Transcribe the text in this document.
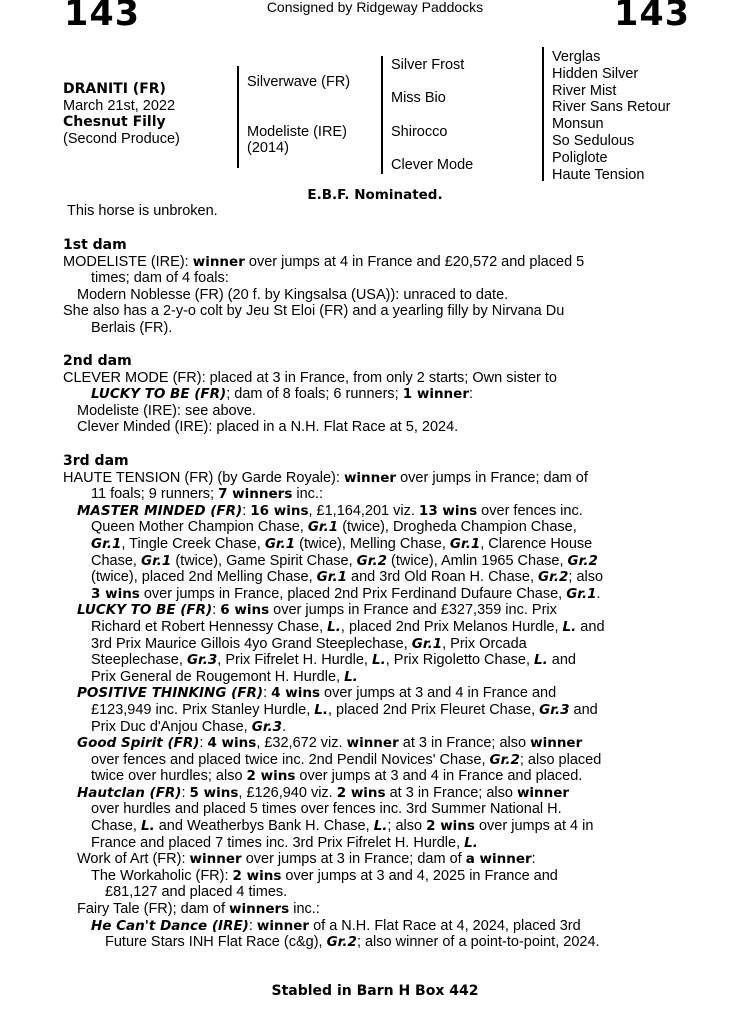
143	Consigned by Ridgeway Paddocks	143
DRANITI (FR)
March 21st, 2022
Chesnut Filly
(Second Produce)
Silverwave (FR)
Modeliste (IRE)
(2014)
Silver Frost
Miss Bio
Shirocco
Clever Mode
Verglas
Hidden Silver
River Mist
River Sans Retour
Monsun
So Sedulous
Poliglote
Haute Tension
E.B.F. Nominated.
This horse is unbroken.
1st dam
MODELISTE (IRE): winner over jumps at 4 in France and £20,572 and placed 5
times; dam of 4 foals:
Modern Noblesse (FR) (20 f. by Kingsalsa (USA)): unraced to date.
She also has a 2-y-o colt by Jeu St Eloi (FR) and a yearling filly by Nirvana Du
Berlais (FR).
2nd dam
CLEVER MODE (FR): placed at 3 in France, from only 2 starts; Own sister to
LUCKY TO BE (FR); dam of 8 foals; 6 runners; 1 winner:
Modeliste (IRE): see above.
Clever Minded (IRE): placed in a N.H. Flat Race at 5, 2024.
3rd dam
HAUTE TENSION (FR) (by Garde Royale): winner over jumps in France; dam of
11 foals; 9 runners; 7 winners inc.:
MASTER MINDED (FR): 16 wins, £1,164,201 viz. 13 wins over fences inc.
Queen Mother Champion Chase, Gr.1 (twice), Drogheda Champion Chase,
Gr.1, Tingle Creek Chase, Gr.1 (twice), Melling Chase, Gr.1, Clarence House
Chase, Gr.1 (twice), Game Spirit Chase, Gr.2 (twice), Amlin 1965 Chase, Gr.2
(twice), placed 2nd Melling Chase, Gr.1 and 3rd Old Roan H. Chase, Gr.2; also
3 wins over jumps in France, placed 2nd Prix Ferdinand Dufaure Chase, Gr.1.
LUCKY TO BE (FR): 6 wins over jumps in France and £327,359 inc. Prix
Richard et Robert Hennessy Chase, L., placed 2nd Prix Melanos Hurdle, L. and
3rd Prix Maurice Gillois 4yo Grand Steeplechase, Gr.1, Prix Orcada
Steeplechase, Gr.3, Prix Fifrelet H. Hurdle, L., Prix Rigoletto Chase, L. and
Prix General de Rougemont H. Hurdle, L.
POSITIVE THINKING (FR): 4 wins over jumps at 3 and 4 in France and
£123,949 inc. Prix Stanley Hurdle, L., placed 2nd Prix Fleuret Chase, Gr.3 and
Prix Duc d'Anjou Chase, Gr.3.
Good Spirit (FR): 4 wins, £32,672 viz. winner at 3 in France; also winner
over fences and placed twice inc. 2nd Pendil Novices' Chase, Gr.2; also placed
twice over hurdles; also 2 wins over jumps at 3 and 4 in France and placed.
Hautclan (FR): 5 wins, £126,940 viz. 2 wins at 3 in France; also winner
over hurdles and placed 5 times over fences inc. 3rd Summer National H.
Chase, L. and Weatherbys Bank H. Chase, L.; also 2 wins over jumps at 4 in
France and placed 7 times inc. 3rd Prix Fifrelet H. Hurdle, L.
Work of Art (FR): winner over jumps at 3 in France; dam of a winner:
The Workaholic (FR): 2 wins over jumps at 3 and 4, 2025 in France and
£81,127 and placed 4 times.
Fairy Tale (FR); dam of winners inc.:
He Can't Dance (IRE): winner of a N.H. Flat Race at 4, 2024, placed 3rd
Future Stars INH Flat Race (c&g), Gr.2; also winner of a point-to-point, 2024.
Stabled in Barn H Box 442
